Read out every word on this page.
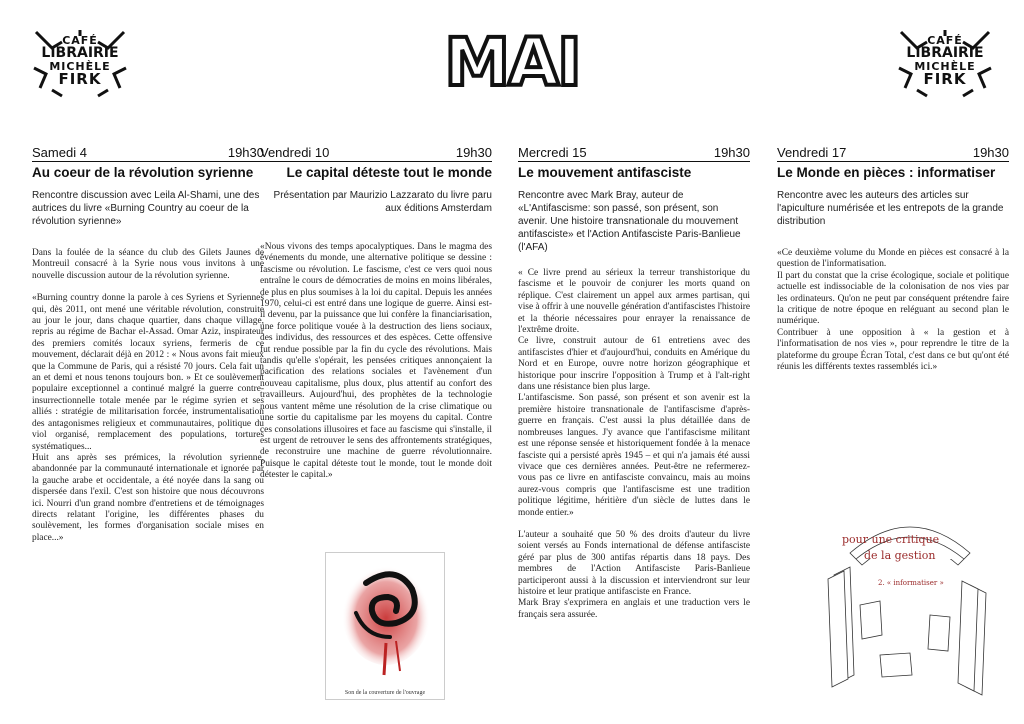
CAFÉ
LIBRAIRIE
MICHÈLE
FIRK	MAI	CAFÉ
LIBRAIRIE
MICHÈLE
FIRK
Samedi 4	19h30
Au coeur de la révolution syrienne
Rencontre discussion avec Leila Al-Shami, une des autrices du livre «Burning Country au coeur de la révolution syrienne»

Dans la foulée de la séance du club des Gilets Jaunes de Montreuil consacré à la Syrie nous vous invitons à une nouvelle discussion autour de la révolution syrienne.

«Burning country donne la parole à ces Syriens et Syriennes qui, dès 2011, ont mené une véritable révolution, construite au jour le jour, dans chaque quartier, dans chaque village, repris au régime de Bachar el-Assad. Omar Aziz, inspirateur des premiers comités locaux syriens, fermeris de ce mouvement, déclarait déjà en 2012 : « Nous avons fait mieux que la Commune de Paris, qui a résisté 70 jours. Cela fait un an et demi et nous tenons toujours bon. » Et ce soulèvement populaire exceptionnel a continué malgré la guerre contre-insurrectionnelle totale menée par le régime syrien et ses alliés : stratégie de militarisation forcée, instrumentalisation des antagonismes religieux et communautaires, politique du viol organisé, remplacement des populations, tortures systématiques...

Huit ans après ses prémices, la révolution syrienne, abandonnée par la communauté internationale et ignorée par la gauche arabe et occidentale, a été noyée dans la sang ou dispersée dans l'exil. C'est son histoire que nous découvrons ici. Nourri d'un grand nombre d'entretiens et de témoignages directs relatant l'origine, les différentes phases du soulèvement, les formes d'organisation sociale mises en place...»

Vendredi 10	19h30
Le capital déteste tout le monde
Présentation par Maurizio Lazzarato du livre paru aux éditions Amsterdam

«Nous vivons des temps apocalyptiques. Dans le magma des événements du monde, une alternative politique se dessine : fascisme ou révolution. Le fascisme, c'est ce vers quoi nous entraîne le cours de démocraties de moins en moins libérales, de plus en plus soumises à la loi du capital. Depuis les années 1970, celui-ci est entré dans une logique de guerre. Ainsi est-il devenu, par la puissance que lui confère la financiarisation, une force politique vouée à la destruction des liens sociaux, des individus, des ressources et des espèces. Cette offensive fut rendue possible par la fin du cycle des révolutions. Mais tandis qu'elle s'opérait, les pensées critiques annonçaient la pacification des relations sociales et l'avènement d'un nouveau capitalisme, plus doux, plus attentif au confort des travailleurs. Aujourd'hui, des prophètes de la technologie nous vantent même une résolution de la crise climatique ou une sortie du capitalisme par les moyens du capital. Contre ces consolations illusoires et face au fascisme qui s'installe, il est urgent de retrouver le sens des affrontements stratégiques, de reconstruire une machine de guerre révolutionnaire. Puisque le capital déteste tout le monde, tout le monde doit détester le capital.»

Son de la couverture de l'ouvrage
Mercredi 15	19h30
Le mouvement antifasciste
Rencontre avec Mark Bray, auteur de «L'Antifascisme: son passé, son présent, son avenir. Une histoire transnationale du mouvement antifasciste» et l'Action Antifasciste Paris-Banlieue (l'AFA)

« Ce livre prend au sérieux la terreur transhistorique du fascisme et le pouvoir de conjurer les morts quand on réplique. C'est clairement un appel aux armes partisan, qui vise à offrir à une nouvelle génération d'antifascistes l'histoire et la théorie nécessaires pour enrayer la renaissance de l'extrême droite.

Ce livre, construit autour de 61 entretiens avec des antifascistes d'hier et d'aujourd'hui, conduits en Amérique du Nord et en Europe, ouvre notre horizon géographique et historique pour inscrire l'opposition à Trump et à l'alt-right dans une résistance bien plus large.

L'antifascisme. Son passé, son présent et son avenir est la première histoire transnationale de l'antifascisme d'après-guerre en français. C'est aussi la plus détaillée dans de nombreuses langues. J'y avance que l'antifascisme militant est une réponse sensée et historiquement fondée à la menace fasciste qui a persisté après 1945 – et qui n'a jamais été aussi vivace que ces dernières années. Peut-être ne refermerez-vous pas ce livre en antifasciste convaincu, mais au moins aurez-vous compris que l'antifascisme est une tradition politique légitime, héritière d'un siècle de luttes dans le monde entier.»

L'auteur a souhaité que 50 % des droits d'auteur du livre soient versés au Fonds international de défense antifasciste géré par plus de 300 antifas répartis dans 18 pays. Des membres de l'Action Antifasciste Paris-Banlieue participeront aussi à la discussion et interviendront sur leur histoire et leur pratique antifasciste en France.

Mark Bray s'exprimera en anglais et une traduction vers le français sera assurée.

Vendredi 17	19h30
Le Monde en pièces : informatiser
Rencontre avec les auteurs des articles sur l'apiculture numérisée et les entrepots de la grande distribution

«Ce deuxième volume du Monde en pièces est consacré à la question de l'informatisation.

Il part du constat que la crise écologique, sociale et politique actuelle est indissociable de la colonisation de nos vies par les ordinateurs. Qu'on ne peut par conséquent prétendre faire la critique de notre époque en reléguant au second plan le numérique.

Contribuer à une opposition à « la gestion et à l'informatisation de nos vies », pour reprendre le titre de la plateforme du groupe Écran Total, c'est dans ce but qu'ont été réunis les différents textes rassemblés ici.»

pour une critique
de la gestion
2. « informatiser »
